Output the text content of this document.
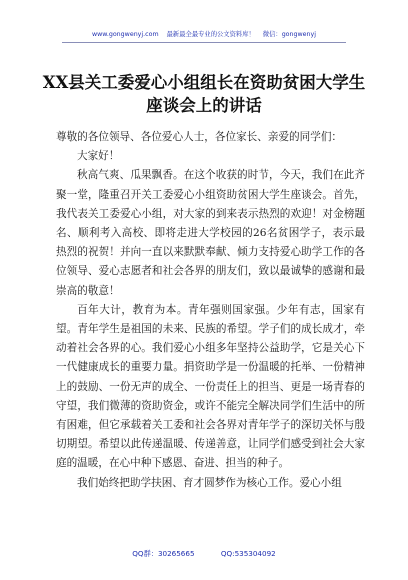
www.gongwenyj.com 最新最全最专业的公文资料库！ 微信：gongwenyj
XX县关工委爱心小组组长在资助贫困大学生座谈会上的讲话

尊敬的各位领导、各位爱心人士，各位家长、亲爱的同学们：

大家好！

秋高气爽、瓜果飘香。在这个收获的时节，今天，我们在此齐聚一堂，隆重召开关工委爱心小组资助贫困大学生座谈会。首先，我代表关工委爱心小组，对大家的到来表示热烈的欢迎！对金榜题名、顺利考入高校、即将走进大学校园的26名贫困学子，表示最热烈的祝贺！并向一直以来默默奉献、倾力支持爱心助学工作的各位领导、爱心志愿者和社会各界的朋友们，致以最诚挚的感谢和最崇高的敬意！

百年大计，教育为本。青年强则国家强。少年有志，国家有望。青年学生是祖国的未来、民族的希望。学子们的成长成才，牵动着社会各界的心。我们爱心小组多年坚持公益助学，它是关心下一代健康成长的重要力量。捐资助学是一份温暖的托举、一份精神上的鼓励、一份无声的成全、一份责任上的担当、更是一场青春的守望，我们微薄的资助资金，或许不能完全解决同学们生活中的所有困难，但它承载着关工委和社会各界对青年学子的深切关怀与殷切期望。希望以此传递温暖、传递善意，让同学们感受到社会大家庭的温暖，在心中种下感恩、奋进、担当的种子。

我们始终把助学扶困、育才圆梦作为核心工作。爱心小组

QQ群：30265665	QQ:535304092
